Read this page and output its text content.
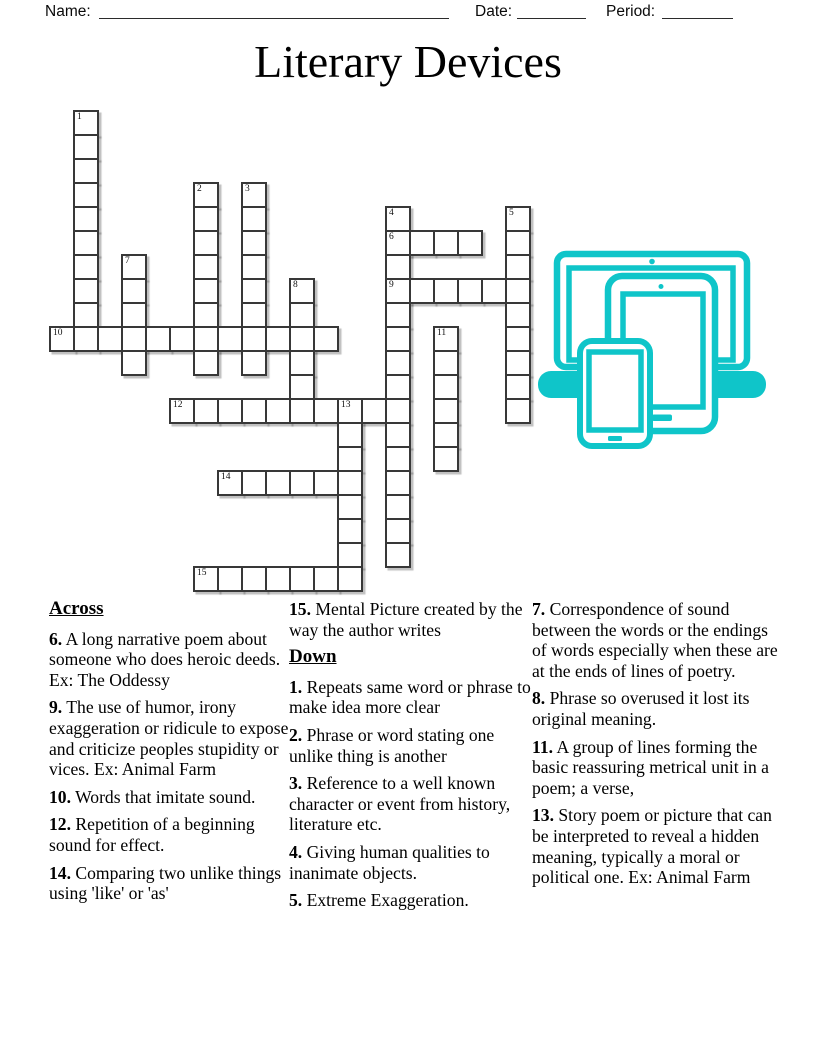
Name:	Date:	Period:
Literary Devices
1
2	3
4	5
6
7
8	9
10	11
12	13
14
15
Across

6. A long narrative poem about someone who does heroic deeds. Ex: The Oddessy

9. The use of humor, irony exaggeration or ridicule to expose and criticize peoples stupidity or vices. Ex: Animal Farm

10. Words that imitate sound.

12. Repetition of a beginning sound for effect.

14. Comparing two unlike things using 'like' or 'as'

15. Mental Picture created by the way the author writes

Down

1. Repeats same word or phrase to make idea more clear

2. Phrase or word stating one unlike thing is another

3. Reference to a well known character or event from history, literature etc.

4. Giving human qualities to inanimate objects.

5. Extreme Exaggeration.

7. Correspondence of sound between the words or the endings of words especially when these are at the ends of lines of poetry.

8. Phrase so overused it lost its original meaning.

11. A group of lines forming the basic reassuring metrical unit in a poem; a verse,

13. Story poem or picture that can be interpreted to reveal a hidden meaning, typically a moral or political one. Ex: Animal Farm
